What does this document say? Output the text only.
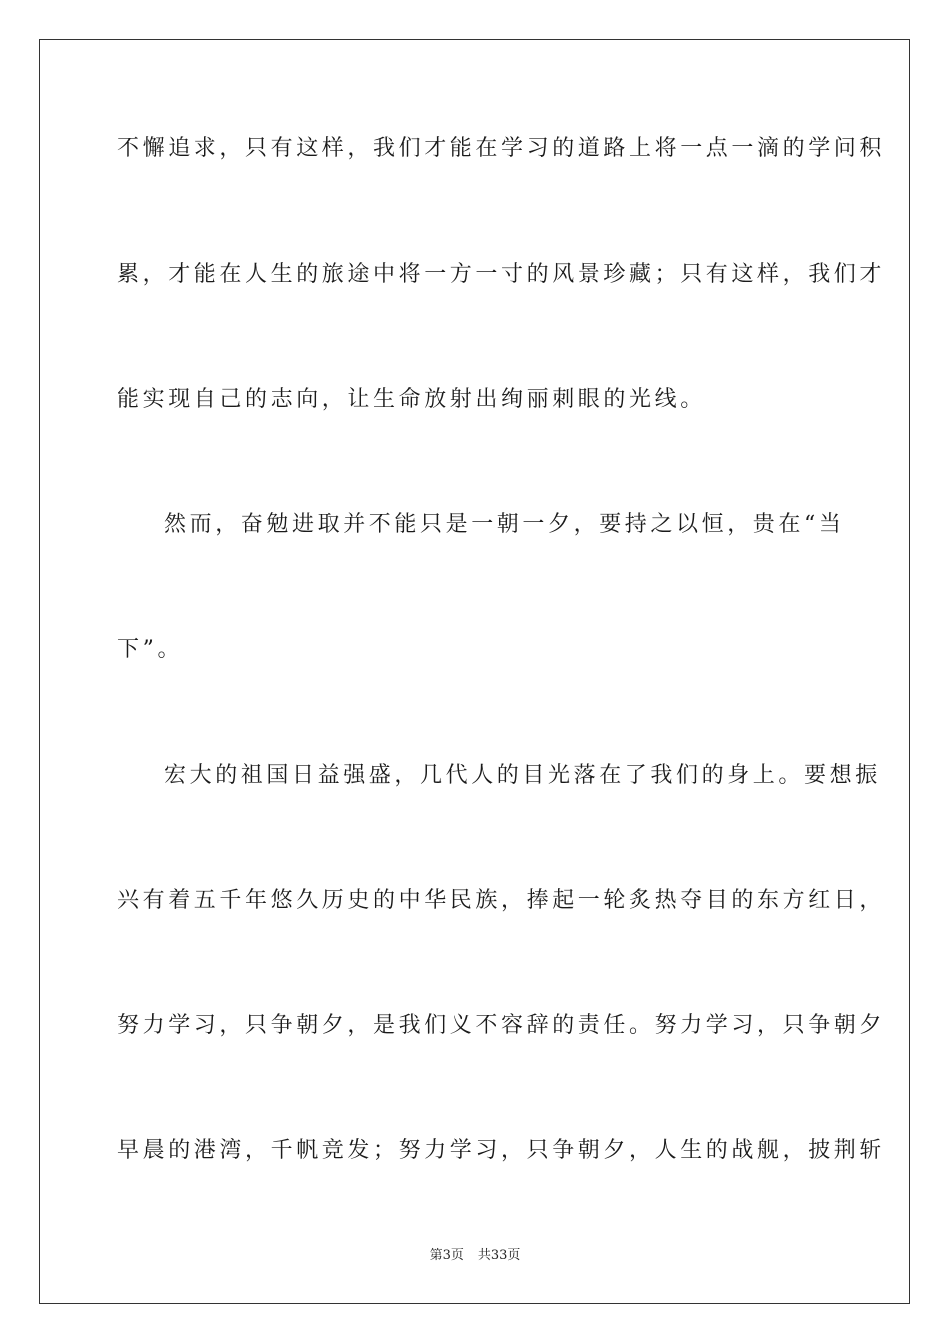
不懈追求，只有这样，我们才能在学习的道路上将一点一滴的学问积
累，才能在人生的旅途中将一方一寸的风景珍藏；只有这样，我们才
能实现自己的志向，让生命放射出绚丽刺眼的光线。
然而，奋勉进取并不能只是一朝一夕，要持之以恒，贵在“当
下”。
宏大的祖国日益强盛，几代人的目光落在了我们的身上。要想振
兴有着五千年悠久历史的中华民族，捧起一轮炙热夺目的东方红日，
努力学习，只争朝夕，是我们义不容辞的责任。努力学习，只争朝夕
早晨的港湾，千帆竞发；努力学习，只争朝夕，人生的战舰，披荆斩
第3页 共33页
